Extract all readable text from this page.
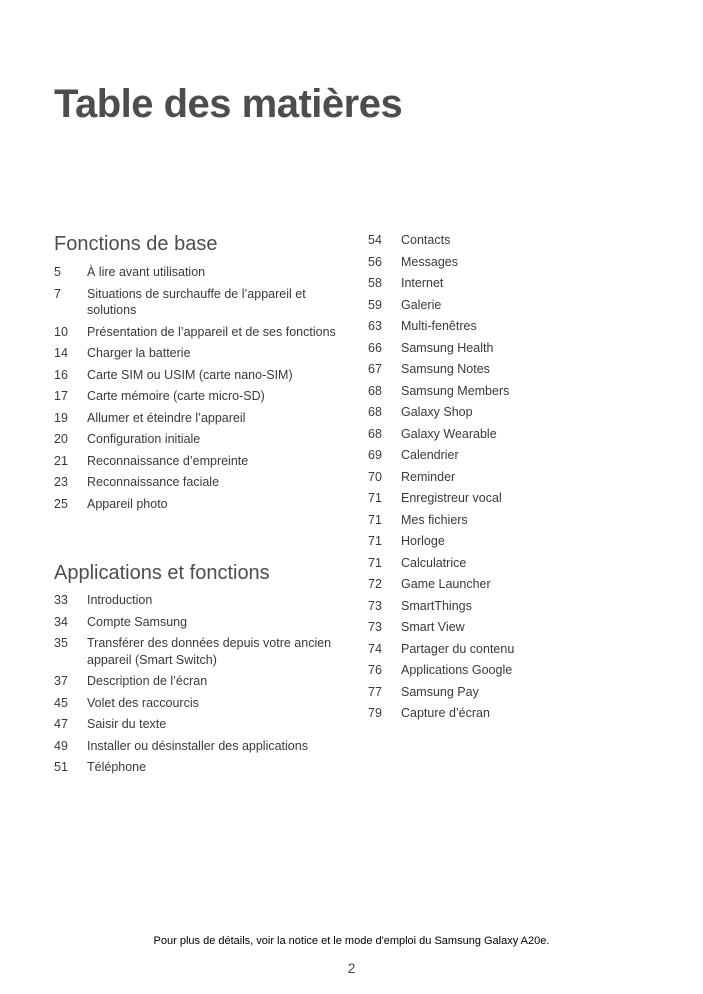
Table des matières
Fonctions de base
5	À lire avant utilisation
7	Situations de surchauffe de l’appareil et solutions
10	Présentation de l’appareil et de ses fonctions
14	Charger la batterie
16	Carte SIM ou USIM (carte nano-SIM)
17	Carte mémoire (carte micro-SD)
19	Allumer et éteindre l’appareil
20	Configuration initiale
21	Reconnaissance d’empreinte
23	Reconnaissance faciale
25	Appareil photo
Applications et fonctions
33	Introduction
34	Compte Samsung
35	Transférer des données depuis votre ancien appareil (Smart Switch)
37	Description de l’écran
45	Volet des raccourcis
47	Saisir du texte
49	Installer ou désinstaller des applications
51	Téléphone
54	Contacts
56	Messages
58	Internet
59	Galerie
63	Multi-fenêtres
66	Samsung Health
67	Samsung Notes
68	Samsung Members
68	Galaxy Shop
68	Galaxy Wearable
69	Calendrier
70	Reminder
71	Enregistreur vocal
71	Mes fichiers
71	Horloge
71	Calculatrice
72	Game Launcher
73	SmartThings
73	Smart View
74	Partager du contenu
76	Applications Google
77	Samsung Pay
79	Capture d’écran
Pour plus de détails, voir la notice et le mode d'emploi du Samsung Galaxy A20e.
2
